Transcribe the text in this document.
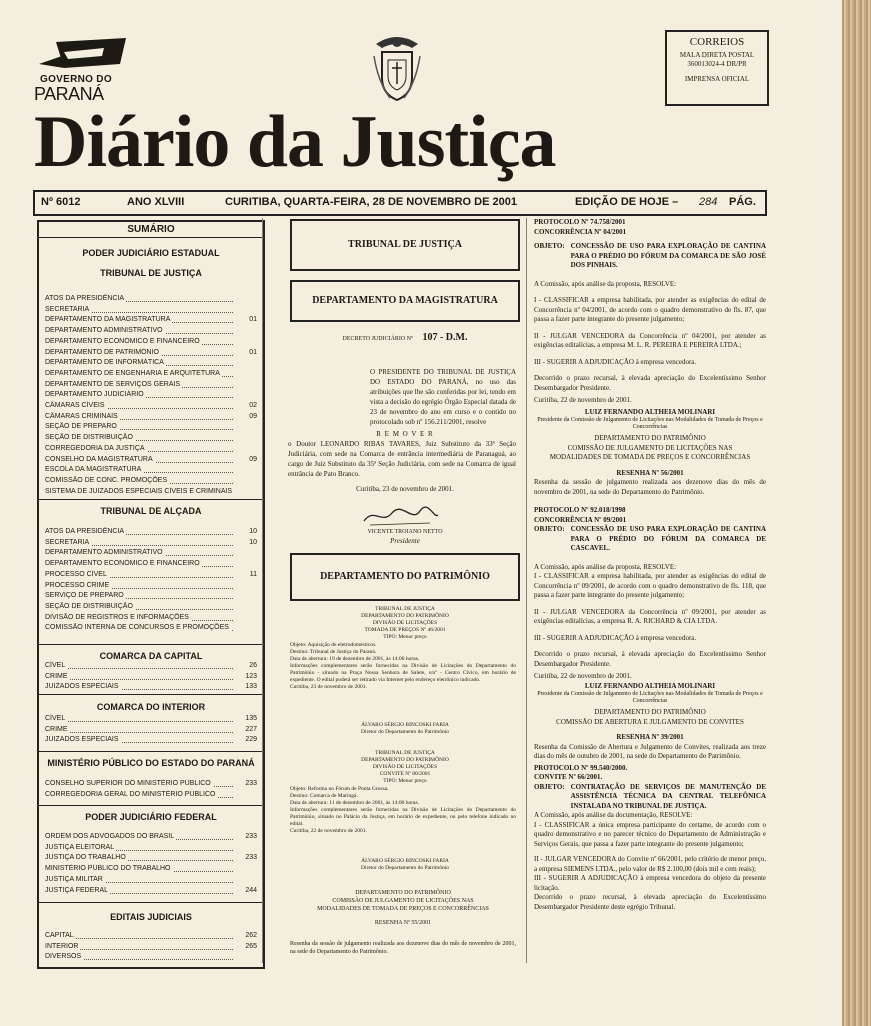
GOVERNO DO
PARANÁ
CORREIOS
MALA DIRETA POSTAL
360013024-4 DR/PR
IMPRENSA OFICIAL
Diário da Justiça
Nº 6012	ANO XLVIII	CURITIBA, QUARTA-FEIRA, 28 DE NOVEMBRO DE 2001	EDIÇÃO DE HOJE – 284 PÁG.
SUMÁRIO
PODER JUDICIÁRIO ESTADUAL
TRIBUNAL DE JUSTIÇA
ATOS DA PRESIDÊNCIA
SECRETARIA
DEPARTAMENTO DA MAGISTRATURA	01
DEPARTAMENTO ADMINISTRATIVO
DEPARTAMENTO ECONÔMICO E FINANCEIRO
DEPARTAMENTO DE PATRIMÔNIO	01
DEPARTAMENTO DE INFORMÁTICA
DEPARTAMENTO DE ENGENHARIA E ARQUITETURA
DEPARTAMENTO DE SERVIÇOS GERAIS
DEPARTAMENTO JUDICIÁRIO
CÂMARAS CÍVEIS	02
CÂMARAS CRIMINAIS	09
SEÇÃO DE PREPARO
SEÇÃO DE DISTRIBUIÇÃO
CORREGEDORIA DA JUSTIÇA
CONSELHO DA MAGISTRATURA	09
ESCOLA DA MAGISTRATURA
COMISSÃO DE CONC. PROMOÇÕES
SISTEMA DE JUIZADOS ESPECIAIS CÍVEIS E CRIMINAIS
TRIBUNAL DE ALÇADA
ATOS DA PRESIDÊNCIA	10
SECRETARIA	10
DEPARTAMENTO ADMINISTRATIVO
DEPARTAMENTO ECONÔMICO E FINANCEIRO
PROCESSO CÍVEL	11
PROCESSO CRIME
SERVIÇO DE PREPARO
SEÇÃO DE DISTRIBUIÇÃO
DIVISÃO DE REGISTROS E INFORMAÇÕES
COMISSÃO INTERNA DE CONCURSOS E PROMOÇÕES
COMARCA DA CAPITAL
CÍVEL	26
CRIME	123
JUIZADOS ESPECIAIS	133
COMARCA DO INTERIOR
CÍVEL	135
CRIME	227
JUIZADOS ESPECIAIS	229
MINISTÉRIO PÚBLICO DO ESTADO DO PARANÁ
CONSELHO SUPERIOR DO MINISTÉRIO PÚBLICO	233
CORREGEDORIA GERAL DO MINISTÉRIO PÚBLICO
PODER JUDICIÁRIO FEDERAL
ORDEM DOS ADVOGADOS DO BRASIL	233
JUSTIÇA ELEITORAL
JUSTIÇA DO TRABALHO	233
MINISTÉRIO PÚBLICO DO TRABALHO
JUSTIÇA MILITAR
JUSTIÇA FEDERAL	244
EDITAIS JUDICIAIS
CAPITAL	262
INTERIOR	265
DIVERSOS
TRIBUNAL DE JUSTIÇA
DEPARTAMENTO DA MAGISTRATURA
DECRETO JUDICIÁRIO Nº 107 - D.M.
O PRESIDENTE DO TRIBUNAL DE JUSTIÇA DO ESTADO DO PARANÁ, no uso das atribuições que lhe são conferidas por lei, tendo em vista a decisão do egrégio Órgão Especial datada de 23 de novembro do ano em curso e o contido no protocolado sob nº 156.211/2001, resolve
R E M O V E R
o Doutor LEONARDO RIBAS TAVARES, Juiz Substituto da 33ª Seção Judiciária, com sede na Comarca de entrância intermediária de Paranaguá, ao cargo de Juiz Substituto da 35ª Seção Judiciária, com sede na Comarca de igual entrância de Pato Branco.
Curitiba, 23 de novembro de 2001.
VICENTE TROIANO NETTO
Presidente
DEPARTAMENTO DO PATRIMÔNIO
TRIBUNAL DE JUSTIÇA
DEPARTAMENTO DO PATRIMÔNIO
DIVISÃO DE LICITAÇÕES
TOMADA DE PREÇOS Nº 46/2001
TIPO: Menor preço
Objeto: Aquisição de eletrodomésticos.
Destino: Tribunal de Justiça do Paraná.
Data de abertura: 19 de dezembro de 2001, às 14:00 horas.
Informações complementares serão fornecidas na Divisão de Licitações do Departamento do Patrimônio - situado na Praça Nossa Senhora de Salete, s/nº - Centro Cívico, em horário de expediente. O edital poderá ser retirado via Internet pelo endereço eletrônico indicado.
Curitiba, 23 de novembro de 2001.
ÁLVARO SÉRGIO BINCOSKI FARIA
Diretor do Departamento do Patrimônio
TRIBUNAL DE JUSTIÇA
DEPARTAMENTO DO PATRIMÔNIO
DIVISÃO DE LICITAÇÕES
CONVITE Nº 80/2001
TIPO: Menor preço
Objeto: Reforma no Fórum de Ponta Grossa.
Destino: Comarca de Maringá.
Data de abertura: 11 de dezembro de 2001, às 14:00 horas.
Informações complementares serão fornecidas na Divisão de Licitações do Departamento do Patrimônio, situado no Palácio da Justiça, em horário de expediente, ou pelo telefone indicado no edital.
Curitiba, 22 de novembro de 2001.
ÁLVARO SÉRGIO BINCOSKI FARIA
Diretor do Departamento do Patrimônio
DEPARTAMENTO DO PATRIMÔNIO
COMISSÃO DE JULGAMENTO DE LICITAÇÕES NAS
MODALIDADES DE TOMADA DE PREÇOS E CONCORRÊNCIAS
RESENHA Nº 55/2001
Resenha da sessão de julgamento realizada aos dezenove dias do mês de novembro de 2001, na sede do Departamento do Patrimônio.
PROTOCOLO Nº 74.758/2001
CONCORRÊNCIA Nº 04/2001
OBJETO: CONCESSÃO DE USO PARA EXPLORAÇÃO DE CANTINA PARA O PRÉDIO DO FÓRUM DA COMARCA DE SÃO JOSÉ DOS PINHAIS.
A Comissão, após análise da proposta, RESOLVE:
I - CLASSIFICAR a empresa habilitada, por atender as exigências do edital de Concorrência nº 04/2001, de acordo com o quadro demonstrativo de fls. 87, que passa a fazer parte integrante do presente julgamento;
II - JULGAR VENCEDORA da Concorrência nº 04/2001, por atender as exigências editalícias, a empresa M. L. R. PEREIRA E PEREIRA LTDA.;
III - SUGERIR A ADJUDICAÇÃO à empresa vencedora.
Decorrido o prazo recursal, à elevada apreciação do Excelentíssimo Senhor Desembargador Presidente.
Curitiba, 22 de novembro de 2001.
LUIZ FERNANDO ALTHEIA MOLINARI
Presidente da Comissão de Julgamento de Licitações nas Modalidades de Tomada de Preços e Concorrências
DEPARTAMENTO DO PATRIMÔNIO
COMISSÃO DE JULGAMENTO DE LICITAÇÕES NAS
MODALIDADES DE TOMADA DE PREÇOS E CONCORRÊNCIAS
RESENHA Nº 56/2001
Resenha da sessão de julgamento realizada aos dezenove dias do mês de novembro de 2001, na sede do Departamento do Patrimônio.
PROTOCOLO Nº 92.018/1998
CONCORRÊNCIA Nº 09/2001
OBJETO: CONCESSÃO DE USO PARA EXPLORAÇÃO DE CANTINA PARA O PRÉDIO DO FÓRUM DA COMARCA DE CASCAVEL.
A Comissão, após análise da proposta, RESOLVE:
I - CLASSIFICAR a empresa habilitada, por atender as exigências do edital de Concorrência nº 09/2001, de acordo com o quadro demonstrativo de fls. 118, que passa a fazer parte integrante do presente julgamento;
II - JULGAR VENCEDORA da Concorrência nº 09/2001, por atender as exigências editalícias, a empresa R. A. RICHARD & CIA LTDA.
III - SUGERIR A ADJUDICAÇÃO à empresa vencedora.
Decorrido o prazo recursal, à elevada apreciação do Excelentíssimo Senhor Desembargador Presidente.
Curitiba, 22 de novembro de 2001.
LUIZ FERNANDO ALTHEIA MOLINARI
Presidente da Comissão de Julgamento de Licitações nas Modalidades de Tomada de Preços e Concorrências
DEPARTAMENTO DO PATRIMÔNIO
COMISSÃO DE ABERTURA E JULGAMENTO DE CONVITES
RESENHA Nº 39/2001
Resenha da Comissão de Abertura e Julgamento de Convites, realizada aos treze dias do mês de outubro de 2001, na sede do Departamento do Patrimônio.
PROTOCOLO Nº 99.540/2000.
CONVITE Nº 66/2001.
OBJETO: CONTRATAÇÃO DE SERVIÇOS DE MANUTENÇÃO DE ASSISTÊNCIA TÉCNICA DA CENTRAL TELEFÔNICA INSTALADA NO TRIBUNAL DE JUSTIÇA.
A Comissão, após análise da documentação, RESOLVE:
I - CLASSIFICAR a única empresa participante do certame, de acordo com o quadro demonstrativo e no parecer técnico do Departamento de Administração e Serviços Gerais, que passa a fazer parte integrante do presente julgamento;
II - JULGAR VENCEDORA do Convite nº 66/2001, pelo critério de menor preço, a empresa SIEMENS LTDA., pelo valor de R$ 2.100,00 (dois mil e cem reais);
III - SUGERIR A ADJUDICAÇÃO à empresa vencedora do objeto da presente licitação.
Decorrido o prazo recursal, à elevada apreciação do Excelentíssimo Desembargador Presidente deste egrégio Tribunal.
